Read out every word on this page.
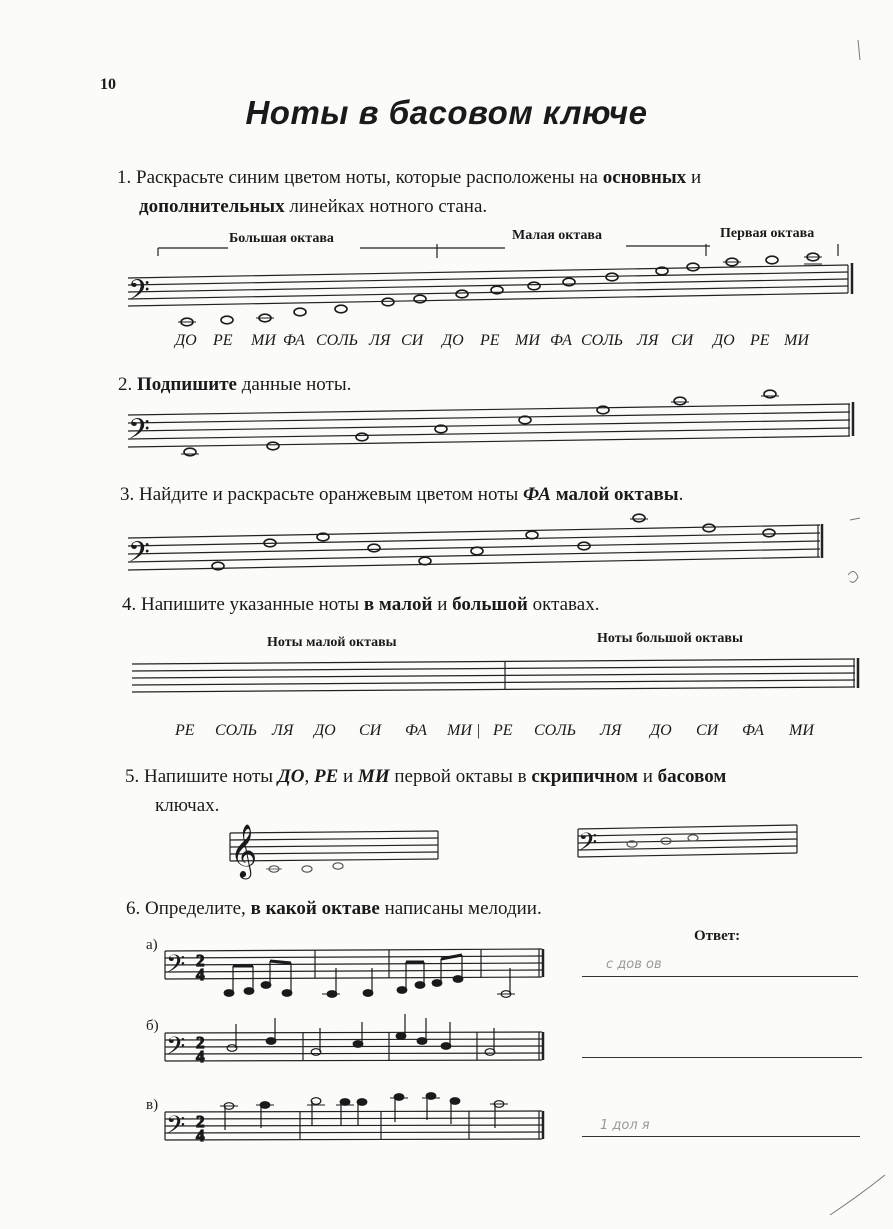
10
Ноты в басовом ключе
1. Раскрасьте синим цветом ноты, которые расположены на основных и
дополнительных линейках нотного стана.
𝄢
𝄢
𝄢
𝄢
𝄢
𝄢
𝄢
𝄞
2
4
2
4
2
4
Большая октава	Малая октава	Первая октава
ДО РЕ МИ ФА СОЛЬ ЛЯ СИ ДО РЕ МИ ФА СОЛЬ ЛЯ СИ ДО РЕ МИ
2. Подпишите данные ноты.
3. Найдите и раскрасьте оранжевым цветом ноты ФА малой октавы.
4. Напишите указанные ноты в малой и большой октавах.
Ноты малой октавы	Ноты большой октавы
РЕ СОЛЬ ЛЯ ДО СИ ФА МИ | РЕ СОЛЬ ЛЯ ДО СИ ФА МИ
5. Напишите ноты ДО, РЕ и МИ первой октавы в скрипичном и басовом
ключах.
6. Определите, в какой октаве написаны мелодии.
Ответ:
а)
б)
в)
с дов ов
1 дол я
